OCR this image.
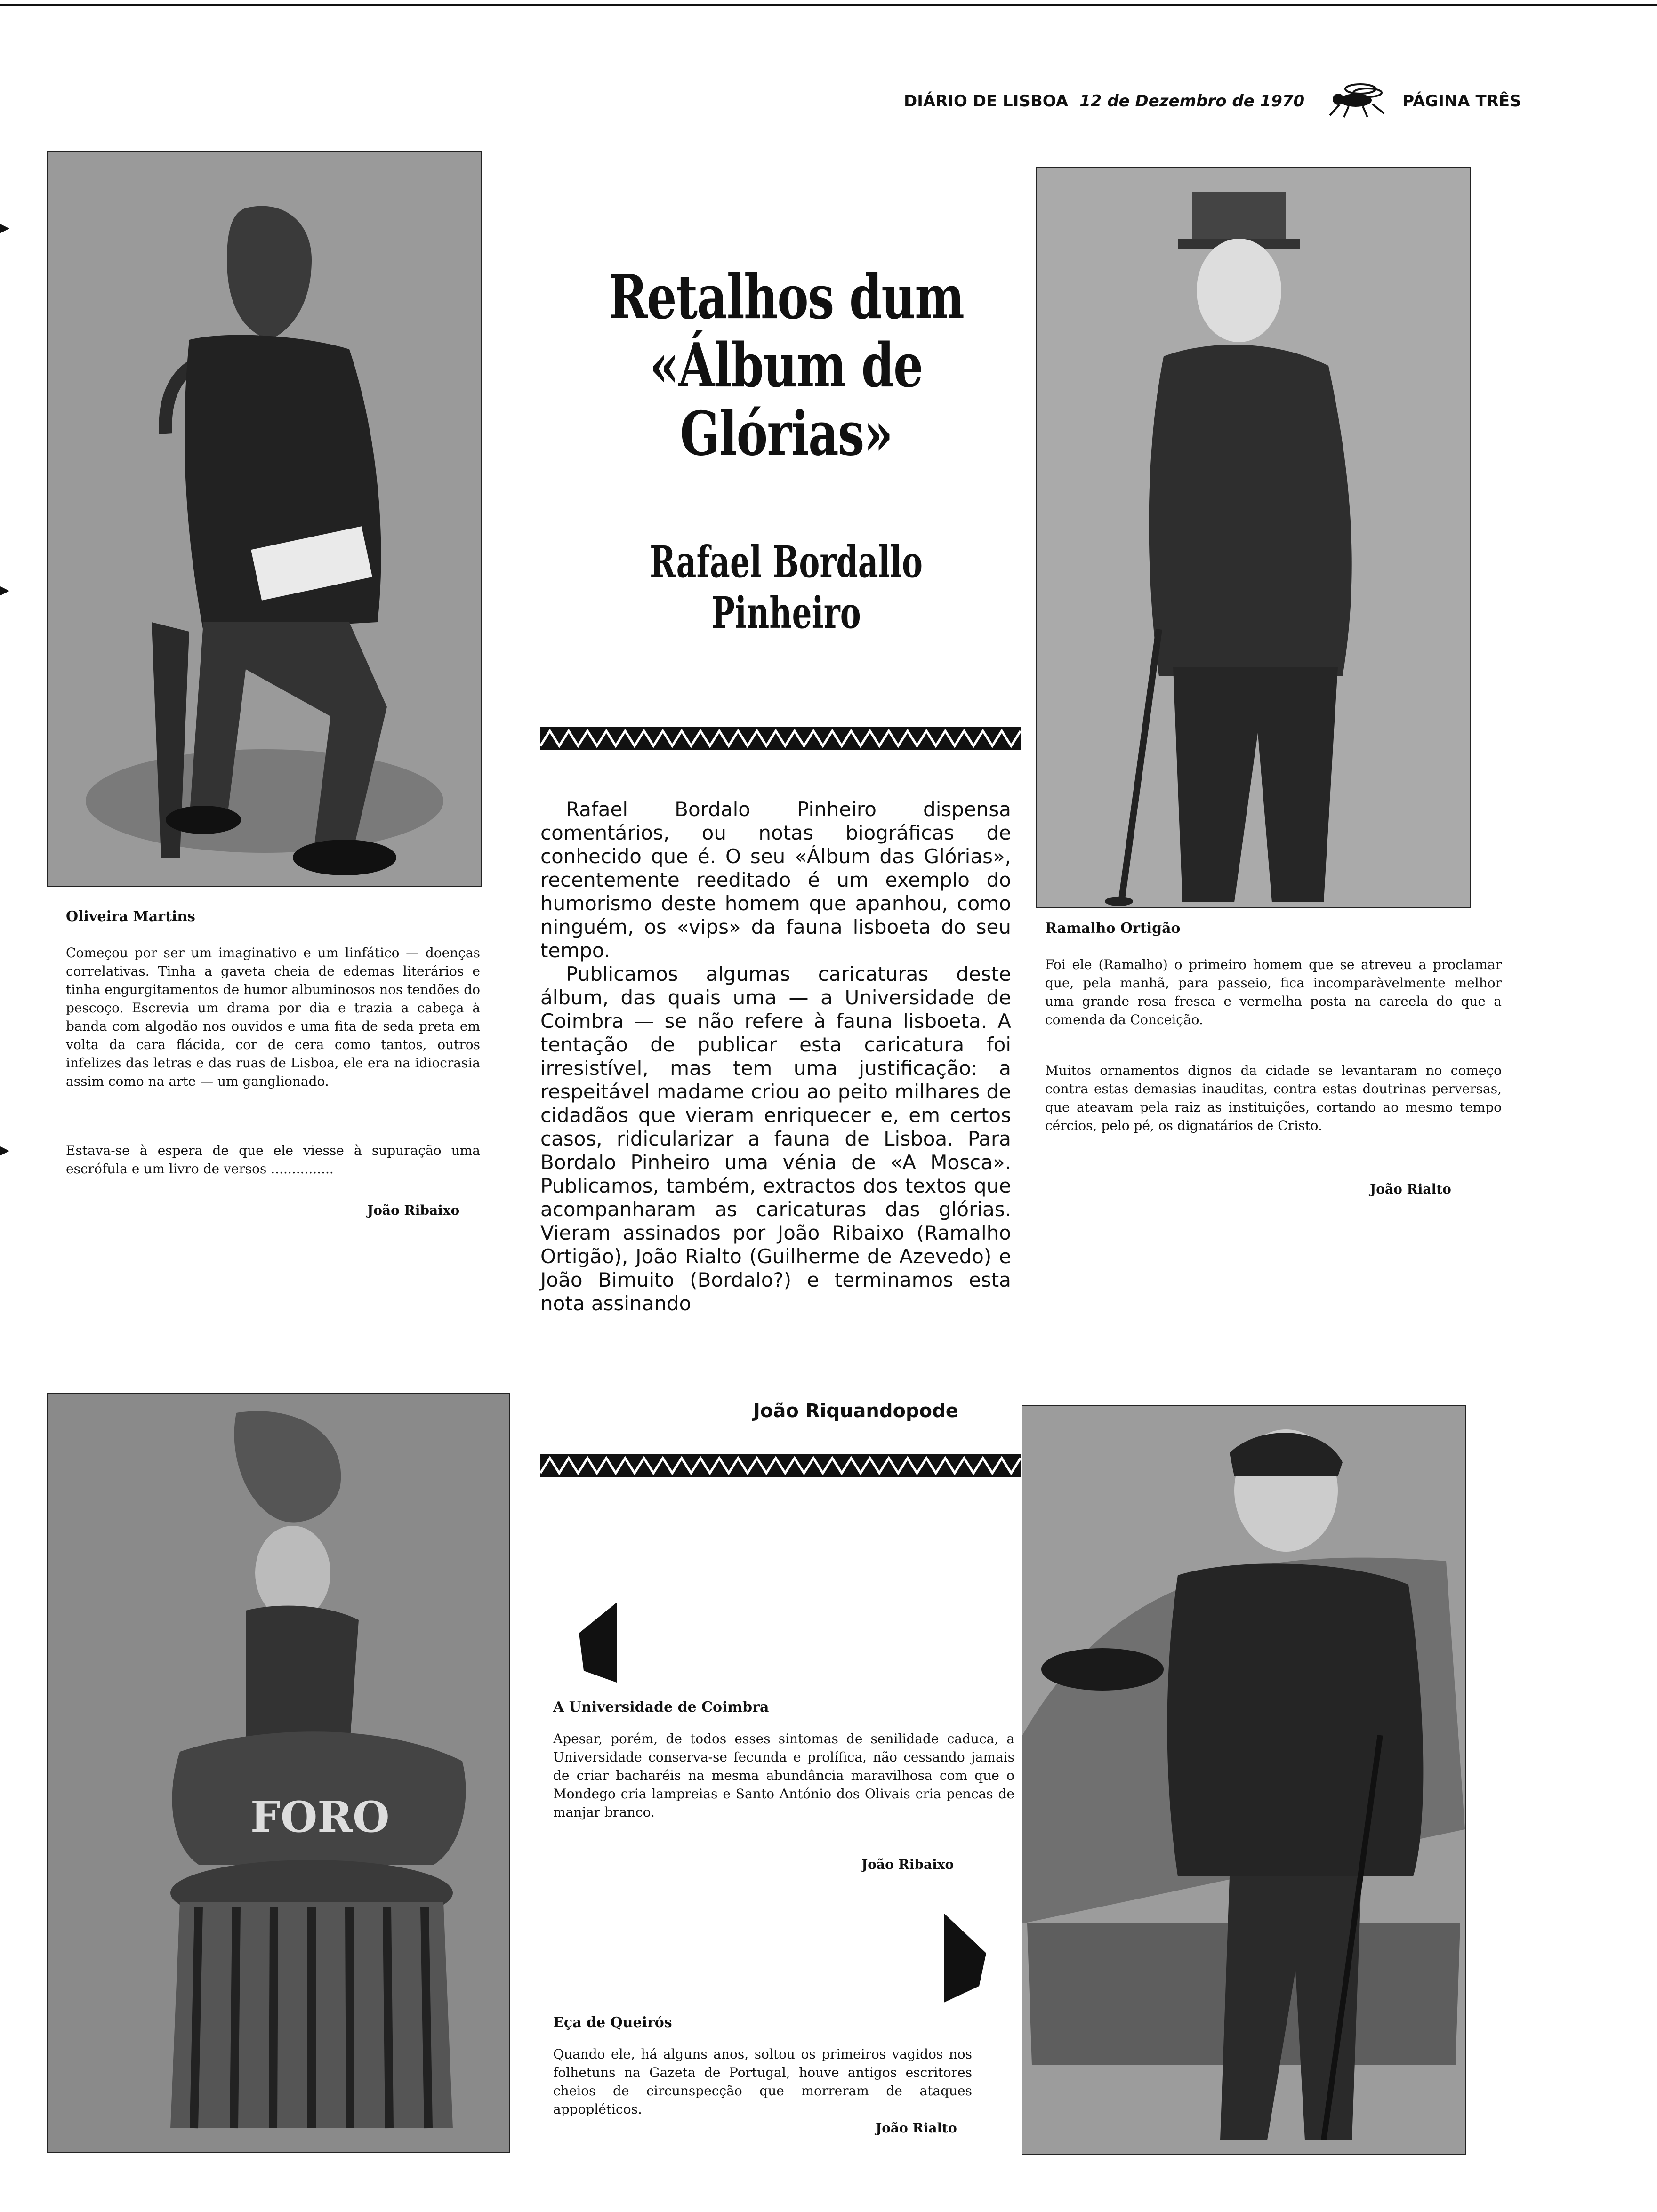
DIÁRIO DE LISBOA 12 de Dezembro de 1970	PÁGINA TRÊS
Oliveira Martins
Começou por ser um imaginativo e um linfático — doenças correlativas. Tinha a gaveta cheia de edemas literários e tinha engurgitamentos de humor albuminosos nos tendões do pescoço. Escrevia um drama por dia e trazia a cabeça à banda com algodão nos ouvidos e uma fita de seda preta em volta da cara flácida, cor de cera como tantos, outros infelizes das letras e das ruas de Lisboa, ele era na idiocrasia assim como na arte — um ganglionado.
Estava-se à espera de que ele viesse à supuração uma escrófula e um livro de versos ...............
João Ribaixo
Retalhos dum
«Álbum de Glórias»
Rafael Bordallo Pinheiro

Rafael Bordalo Pinheiro dispensa comentários, ou notas biográficas de conhecido que é. O seu «Álbum das Glórias», recentemente reeditado é um exemplo do humorismo deste homem que apanhou, como ninguém, os «vips» da fauna lisboeta do seu tempo.

Publicamos algumas caricaturas deste álbum, das quais uma — a Universidade de Coimbra — se não refere à fauna lisboeta. A tentação de publicar esta caricatura foi irresistível, mas tem uma justificação: a respeitável madame criou ao peito milhares de cidadãos que vieram enriquecer e, em certos casos, ridicularizar a fauna de Lisboa. Para Bordalo Pinheiro uma vénia de «A Mosca». Publicamos, também, extractos dos textos que acompanharam as caricaturas das glórias. Vieram assinados por João Ribaixo (Ramalho Ortigão), João Rialto (Guilherme de Azevedo) e João Bimuito (Bordalo?) e terminamos esta nota assinando

João Riquandopode
Ramalho Ortigão
Foi ele (Ramalho) o primeiro homem que se atreveu a proclamar que, pela manhã, para passeio, fica incomparàvelmente melhor uma grande rosa fresca e vermelha posta na careela do que a comenda da Conceição.
Muitos ornamentos dignos da cidade se levantaram no começo contra estas demasias inauditas, contra estas doutrinas perversas, que ateavam pela raiz as instituições, cortando ao mesmo tempo cércios, pelo pé, os dignatários de Cristo.
João Rialto
FORO
A Universidade de Coimbra
Apesar, porém, de todos esses sintomas de senilidade caduca, a Universidade conserva-se fecunda e prolífica, não cessando jamais de criar bacharéis na mesma abundância maravilhosa com que o Mondego cria lampreias e Santo António dos Olivais cria pencas de manjar branco.
João Ribaixo
Eça de Queirós
Quando ele, há alguns anos, soltou os primeiros vagidos nos folhetuns na Gazeta de Portugal, houve antigos escritores cheios de circunspecção que morreram de ataques appopléticos.
João Rialto
▸
▸
▸
